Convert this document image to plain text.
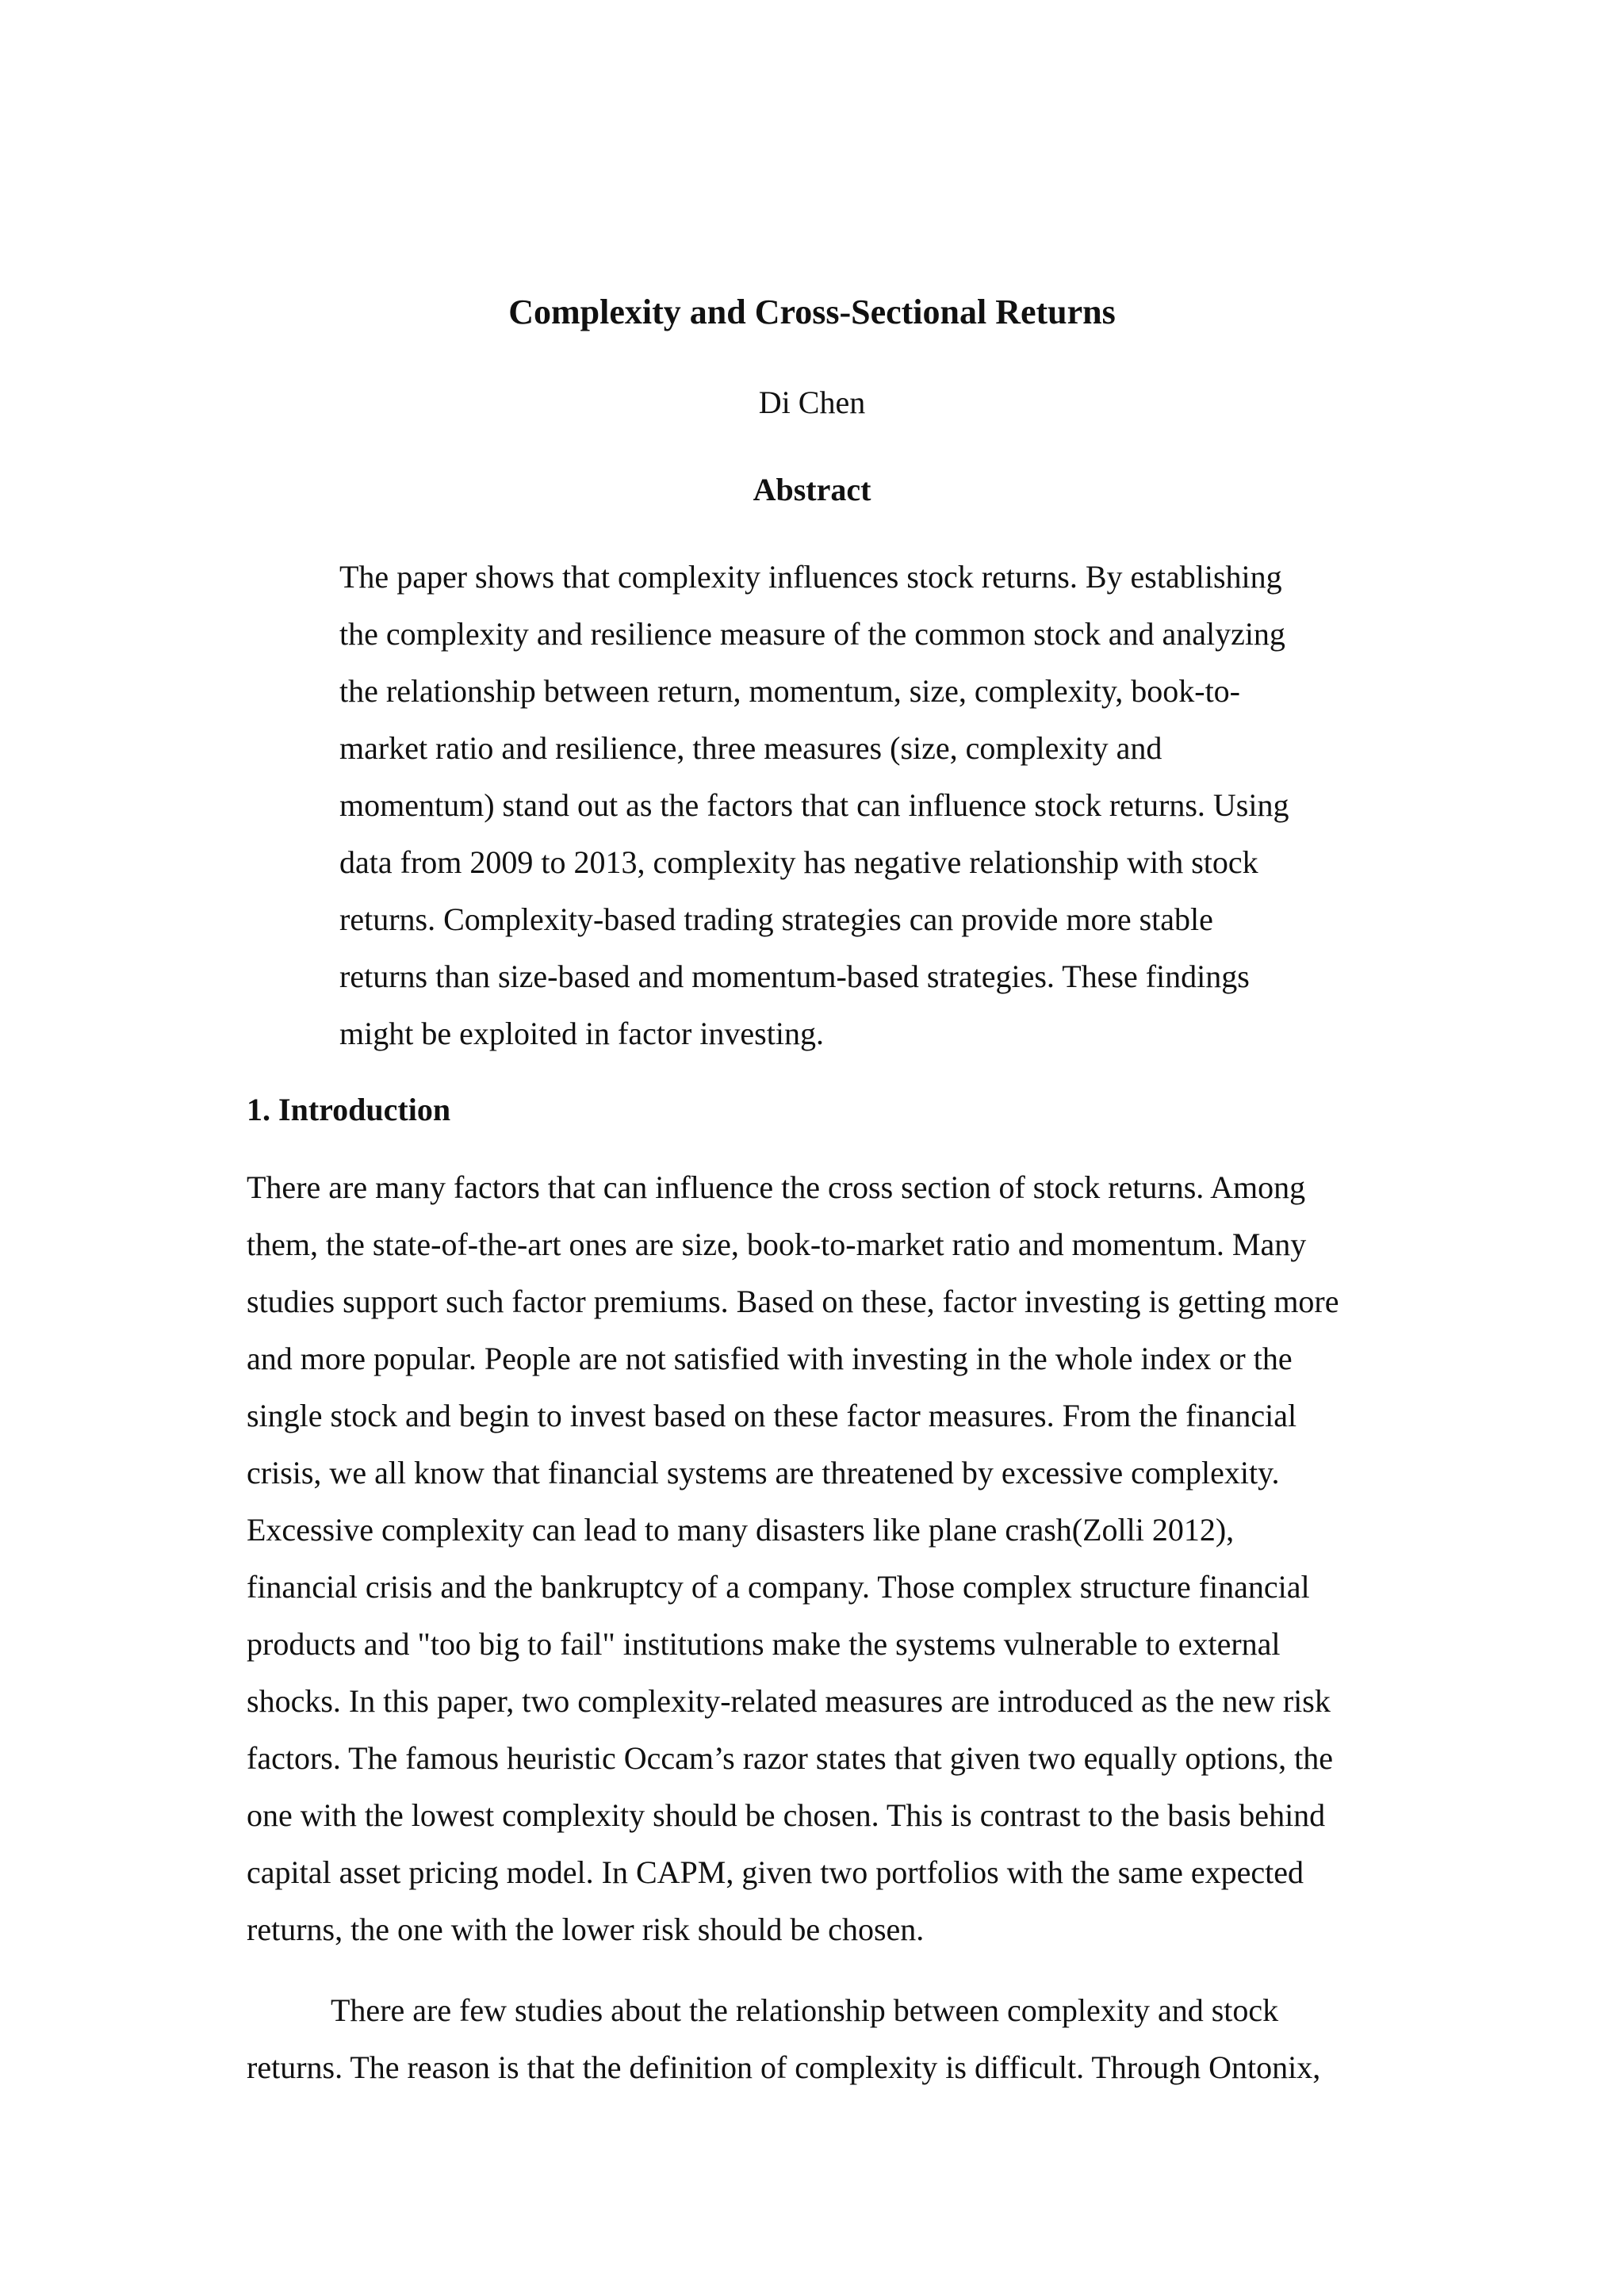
Complexity and Cross-Sectional Returns
Di Chen
Abstract
The paper shows that complexity influences stock returns. By establishing
the complexity and resilience measure of the common stock and analyzing
the relationship between return, momentum, size, complexity, book-to-
market ratio and resilience, three measures (size, complexity and
momentum) stand out as the factors that can influence stock returns. Using
data from 2009 to 2013, complexity has negative relationship with stock
returns. Complexity-based trading strategies can provide more stable
returns than size-based and momentum-based strategies. These findings
might be exploited in factor investing.
1. Introduction
There are many factors that can influence the cross section of stock returns. Among
them, the state-of-the-art ones are size, book-to-market ratio and momentum. Many
studies support such factor premiums. Based on these, factor investing is getting more
and more popular. People are not satisfied with investing in the whole index or the
single stock and begin to invest based on these factor measures. From the financial
crisis, we all know that financial systems are threatened by excessive complexity.
Excessive complexity can lead to many disasters like plane crash(Zolli 2012),
financial crisis and the bankruptcy of a company. Those complex structure financial
products and "too big to fail" institutions make the systems vulnerable to external
shocks. In this paper, two complexity-related measures are introduced as the new risk
factors. The famous heuristic Occam’s razor states that given two equally options, the
one with the lowest complexity should be chosen. This is contrast to the basis behind
capital asset pricing model. In CAPM, given two portfolios with the same expected
returns, the one with the lower risk should be chosen.
There are few studies about the relationship between complexity and stock
returns. The reason is that the definition of complexity is difficult. Through Ontonix,
